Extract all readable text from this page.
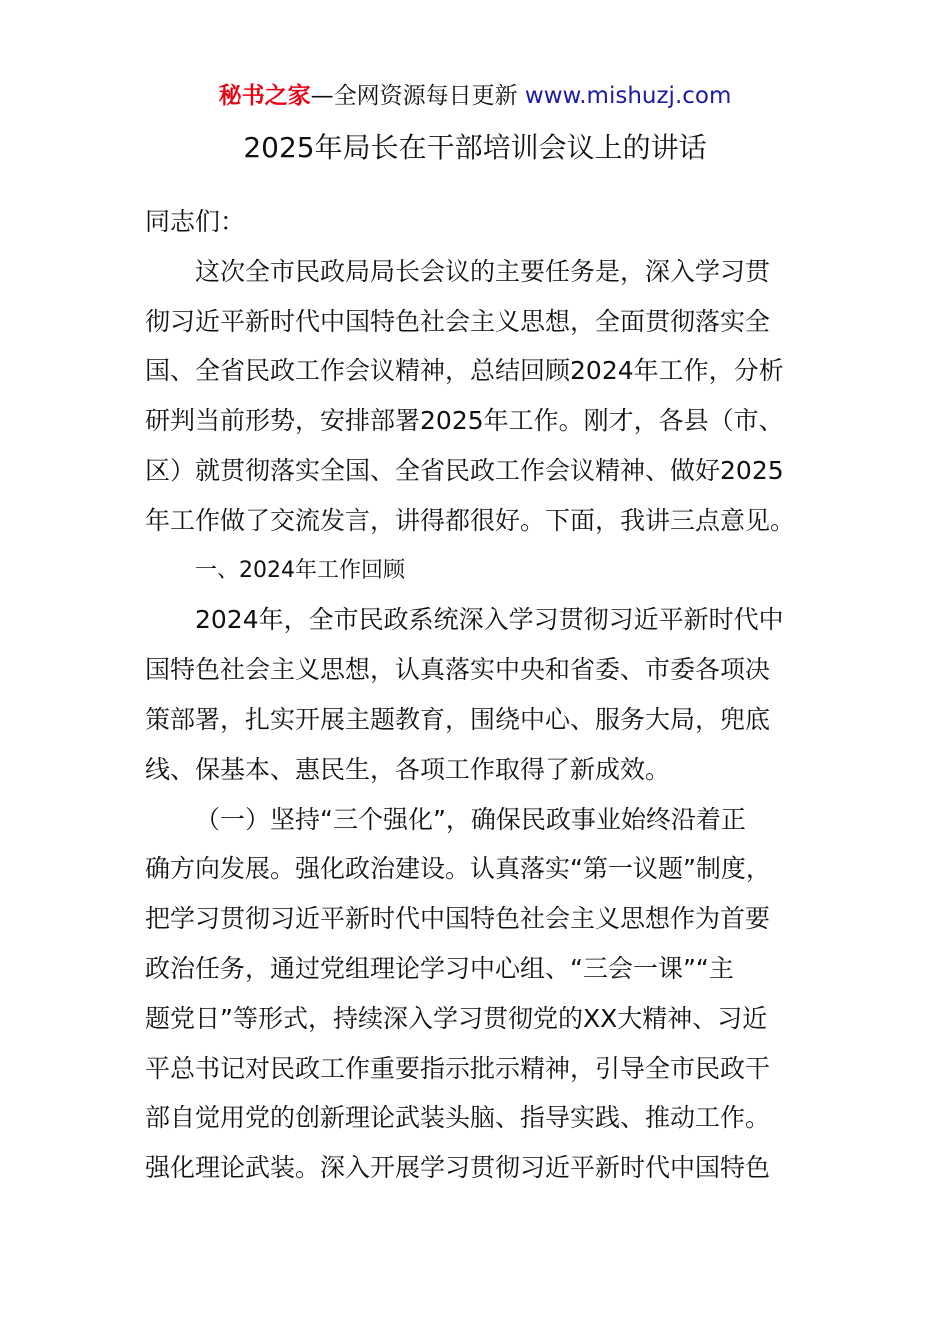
秘书之家—全网资源每日更新 www.mishuzj.com
2025年局长在干部培训会议上的讲话
同志们：
这次全市民政局局长会议的主要任务是，深入学习贯
彻习近平新时代中国特色社会主义思想，全面贯彻落实全
国、全省民政工作会议精神，总结回顾2024年工作，分析
研判当前形势，安排部署2025年工作。刚才，各县（市、
区）就贯彻落实全国、全省民政工作会议精神、做好2025
年工作做了交流发言，讲得都很好。下面，我讲三点意见。
一、2024年工作回顾
2024年，全市民政系统深入学习贯彻习近平新时代中
国特色社会主义思想，认真落实中央和省委、市委各项决
策部署，扎实开展主题教育，围绕中心、服务大局，兜底
线、保基本、惠民生，各项工作取得了新成效。
（一）坚持“三个强化”，确保民政事业始终沿着正
确方向发展。强化政治建设。认真落实“第一议题”制度，
把学习贯彻习近平新时代中国特色社会主义思想作为首要
政治任务，通过党组理论学习中心组、“三会一课”“主
题党日”等形式，持续深入学习贯彻党的XX大精神、习近
平总书记对民政工作重要指示批示精神，引导全市民政干
部自觉用党的创新理论武装头脑、指导实践、推动工作。
强化理论武装。深入开展学习贯彻习近平新时代中国特色
